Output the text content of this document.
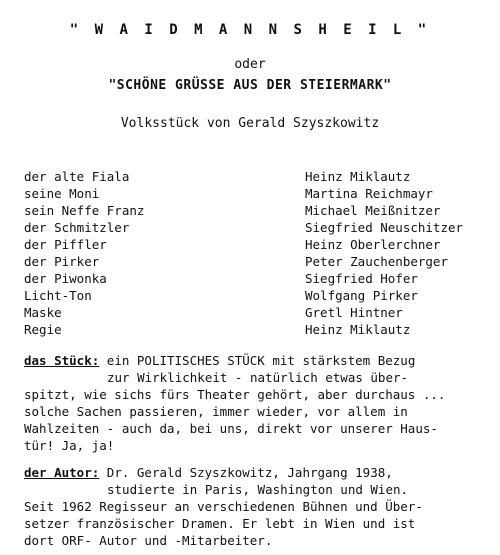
" W A I D M A N N S H E I L "
oder
"SCHÖNE GRÜSSE AUS DER STEIERMARK"
Volksstück von Gerald Szyszkowitz
der alte Fiala	Heinz Miklautz
seine Moni	Martina Reichmayr
sein Neffe Franz	Michael Meißnitzer
der Schmitzler	Siegfried Neuschitzer
der Piffler	Heinz Oberlerchner
der Pirker	Peter Zauchenberger
der Piwonka	Siegfried Hofer
Licht-Ton	Wolfgang Pirker
Maske	Gretl Hintner
Regie	Heinz Miklautz
das Stück: ein POLITISCHES STÜCK mit stärkstem Bezug
zur Wirklichkeit - natürlich etwas über-
spitzt, wie sichs fürs Theater gehört, aber durchaus ...
solche Sachen passieren, immer wieder, vor allem in
Wahlzeiten - auch da, bei uns, direkt vor unserer Haus-
tür! Ja, ja!
der Autor: Dr. Gerald Szyszkowitz, Jahrgang 1938,
studierte in Paris, Washington und Wien.
Seit 1962 Regisseur an verschiedenen Bühnen und Über-
setzer französischer Dramen. Er lebt in Wien und ist
dort ORF- Autor und -Mitarbeiter.
